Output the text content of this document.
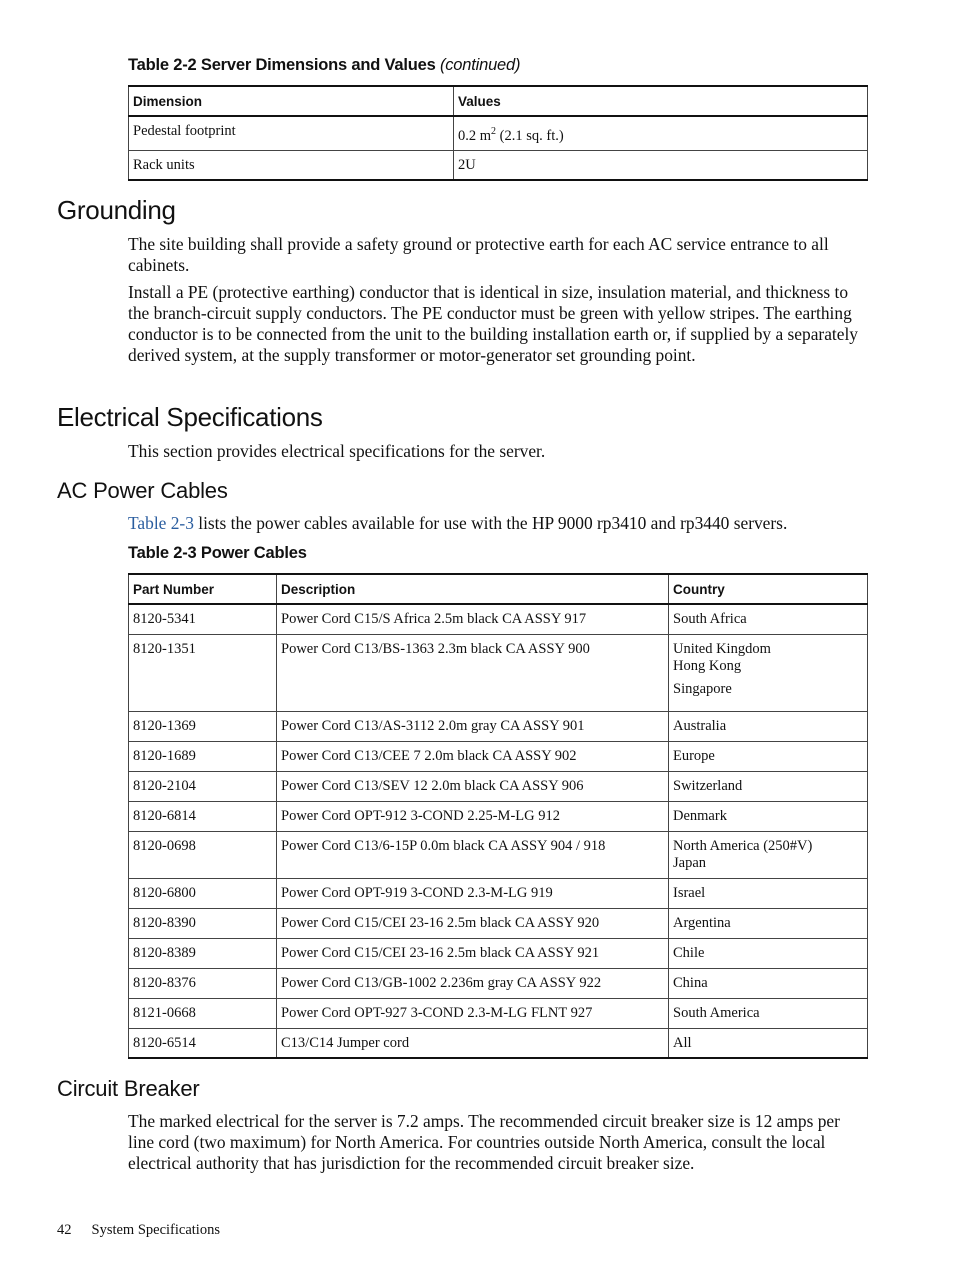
Table 2-2 Server Dimensions and Values (continued)
Dimension	Values
Pedestal footprint	0.2 $m^2$ (2.1 sq. ft.)
Rack units	2U
Grounding

The site building shall provide a safety ground or protective earth for each AC service entrance to all cabinets.

Install a PE (protective earthing) conductor that is identical in size, insulation material, and thickness to the branch-circuit supply conductors. The PE conductor must be green with yellow stripes. The earthing conductor is to be connected from the unit to the building installation earth or, if supplied by a separately derived system, at the supply transformer or motor-generator set grounding point.

Electrical Specifications

This section provides electrical specifications for the server.

AC Power Cables

Table 2-3 lists the power cables available for use with the HP 9000 rp3410 and rp3440 servers.

Table 2-3 Power Cables
Part Number	Description	Country
8120-5341	Power Cord C15/S Africa 2.5m black CA ASSY 917	South Africa
8120-1351	Power Cord C13/BS-1363 2.3m black CA ASSY 900	United Kingdom
Hong Kong
Singapore

8120-1369	Power Cord C13/AS-3112 2.0m gray CA ASSY 901	Australia
8120-1689	Power Cord C13/CEE 7 2.0m black CA ASSY 902	Europe
8120-2104	Power Cord C13/SEV 12 2.0m black CA ASSY 906	Switzerland
8120-6814	Power Cord OPT-912 3-COND 2.25-M-LG 912	Denmark
8120-0698	Power Cord C13/6-15P 0.0m black CA ASSY 904 / 918	North America (250#V)
Japan

8120-6800	Power Cord OPT-919 3-COND 2.3-M-LG 919	Israel
8120-8390	Power Cord C15/CEI 23-16 2.5m black CA ASSY 920	Argentina
8120-8389	Power Cord C15/CEI 23-16 2.5m black CA ASSY 921	Chile
8120-8376	Power Cord C13/GB-1002 2.236m gray CA ASSY 922	China
8121-0668	Power Cord OPT-927 3-COND 2.3-M-LG FLNT 927	South America
8120-6514	C13/C14 Jumper cord	All
Circuit Breaker

The marked electrical for the server is 7.2 amps. The recommended circuit breaker size is 12 amps per line cord (two maximum) for North America. For countries outside North America, consult the local electrical authority that has jurisdiction for the recommended circuit breaker size.

42 System Specifications
